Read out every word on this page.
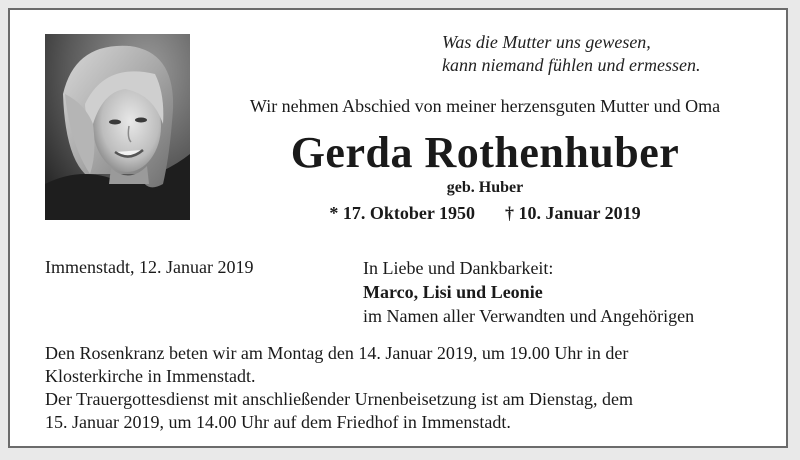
Was die Mutter uns gewesen,
kann niemand fühlen und ermessen.
Wir nehmen Abschied von meiner herzensguten Mutter und Oma
Gerda Rothenhuber
geb. Huber
* 17. Oktober 1950 † 10. Januar 2019
Immenstadt, 12. Januar 2019	In Liebe und Dankbarkeit:
Marco, Lisi und Leonie
im Namen aller Verwandten und Angehörigen
Den Rosenkranz beten wir am Montag den 14. Januar 2019, um 19.00 Uhr in der
Klosterkirche in Immenstadt.
Der Trauergottesdienst mit anschließender Urnenbeisetzung ist am Dienstag, dem
15. Januar 2019, um 14.00 Uhr auf dem Friedhof in Immenstadt.
